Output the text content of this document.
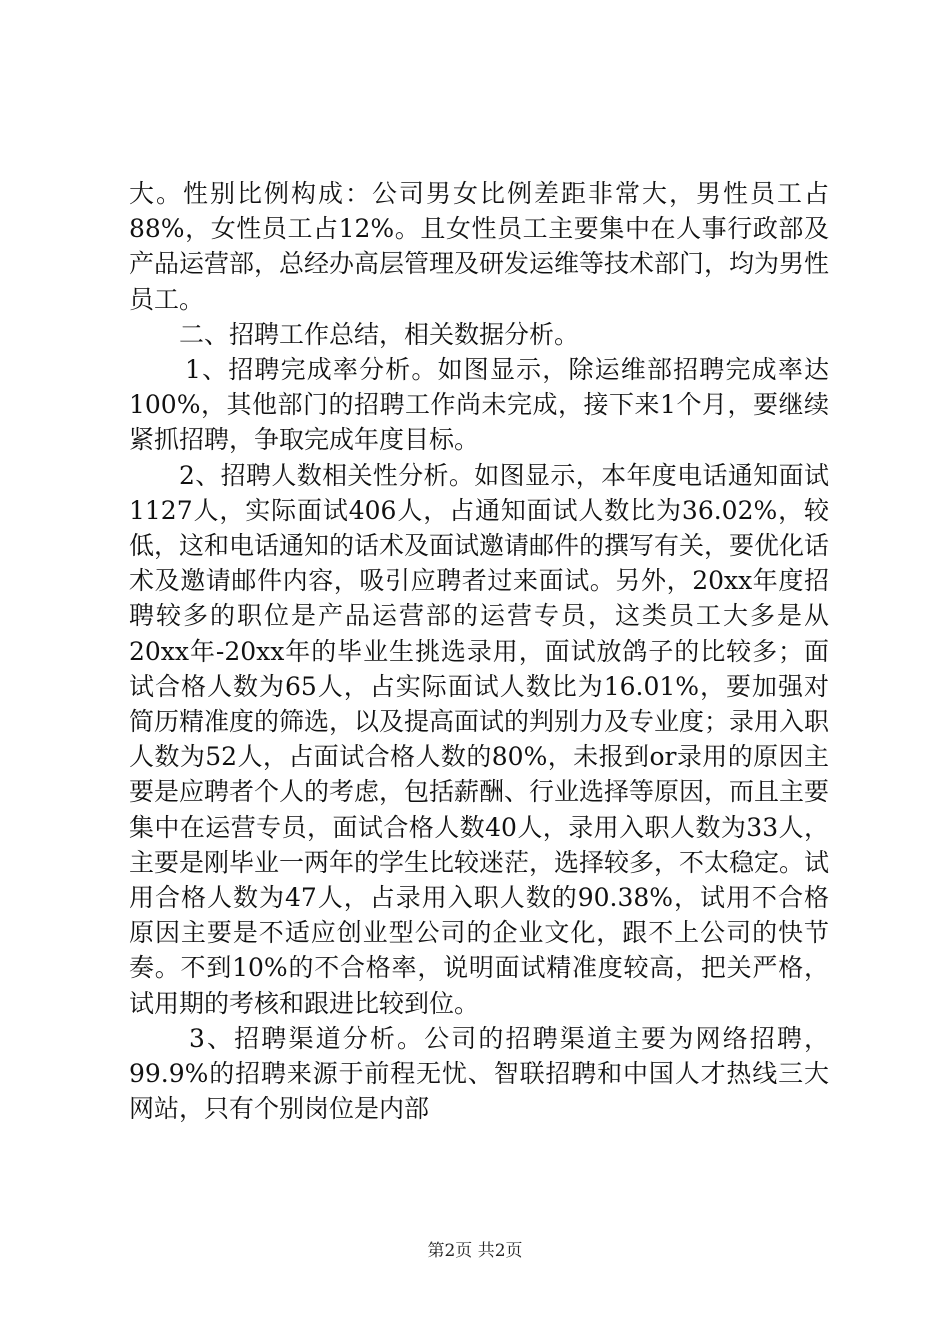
大。性别比例构成：公司男女比例差距非常大，男性员工占88%，女性员工占12%。且女性员工主要集中在人事行政部及产品运营部，总经办高层管理及研发运维等技术部门，均为男性员工。

二、招聘工作总结，相关数据分析。

1、招聘完成率分析。如图显示，除运维部招聘完成率达100%，其他部门的招聘工作尚未完成，接下来1个月，要继续紧抓招聘，争取完成年度目标。

2、招聘人数相关性分析。如图显示，本年度电话通知面试1127人，实际面试406人，占通知面试人数比为36.02%，较低，这和电话通知的话术及面试邀请邮件的撰写有关，要优化话术及邀请邮件内容，吸引应聘者过来面试。另外，20xx年度招聘较多的职位是产品运营部的运营专员，这类员工大多是从20xx年-20xx年的毕业生挑选录用，面试放鸽子的比较多；面试合格人数为65人，占实际面试人数比为16.01%，要加强对简历精准度的筛选，以及提高面试的判别力及专业度；录用入职人数为52人，占面试合格人数的80%，未报到or录用的原因主要是应聘者个人的考虑，包括薪酬、行业选择等原因，而且主要集中在运营专员，面试合格人数40人，录用入职人数为33人，主要是刚毕业一两年的学生比较迷茫，选择较多，不太稳定。试用合格人数为47人，占录用入职人数的90.38%，试用不合格原因主要是不适应创业型公司的企业文化，跟不上公司的快节奏。不到10%的不合格率，说明面试精准度较高，把关严格，试用期的考核和跟进比较到位。

3、招聘渠道分析。公司的招聘渠道主要为网络招聘，99.9%的招聘来源于前程无忧、智联招聘和中国人才热线三大网站，只有个别岗位是内部

第2页 共2页
